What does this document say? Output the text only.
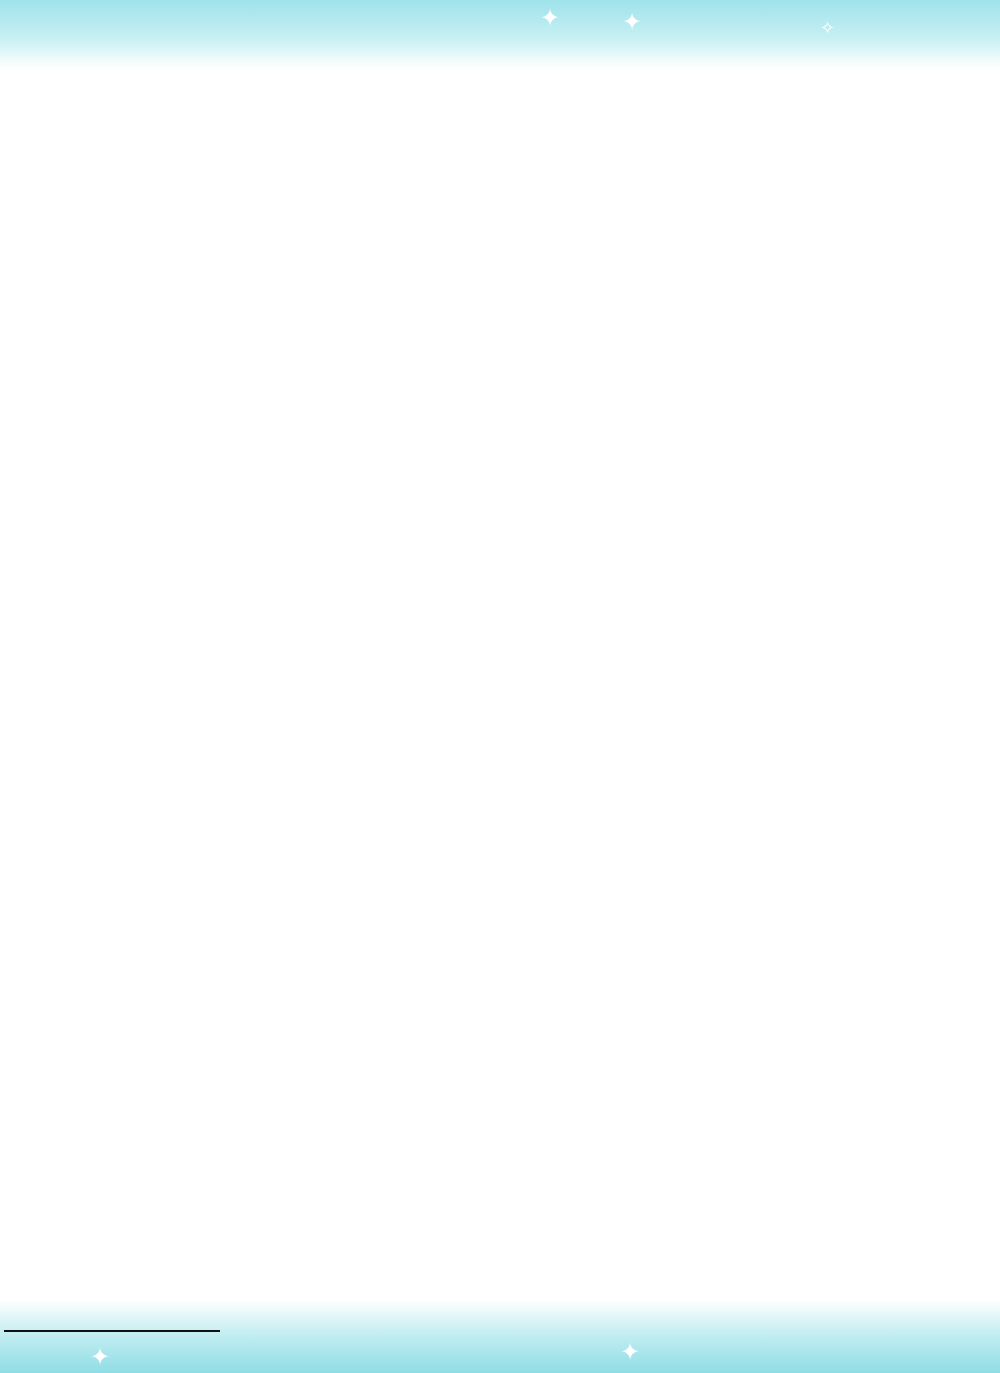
✦	✦	✧

✦	✦
